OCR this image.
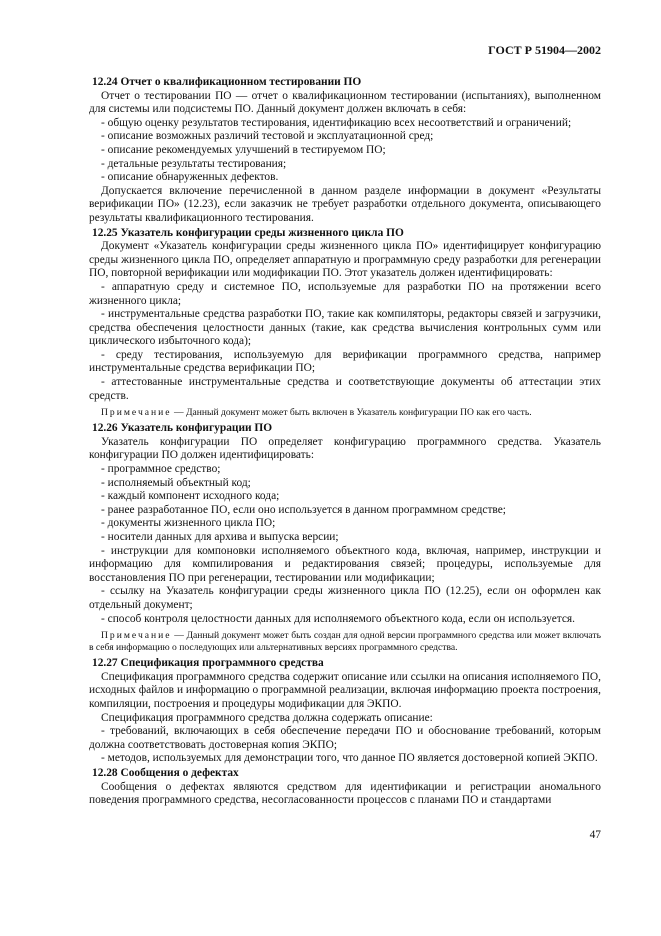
ГОСТ Р 51904—2002

12.24 Отчет о квалификационном тестировании ПО

Отчет о тестировании ПО — отчет о квалификационном тестировании (испытаниях), выполненном для системы или подсистемы ПО. Данный документ должен включать в себя:

- общую оценку результатов тестирования, идентификацию всех несоответствий и ограничений;

- описание возможных различий тестовой и эксплуатационной сред;

- описание рекомендуемых улучшений в тестируемом ПО;

- детальные результаты тестирования;

- описание обнаруженных дефектов.

Допускается включение перечисленной в данном разделе информации в документ «Результаты верификации ПО» (12.23), если заказчик не требует разработки отдельного документа, описывающего результаты квалификационного тестирования.

12.25 Указатель конфигурации среды жизненного цикла ПО

Документ «Указатель конфигурации среды жизненного цикла ПО» идентифицирует конфигурацию среды жизненного цикла ПО, определяет аппаратную и программную среду разработки для регенерации ПО, повторной верификации или модификации ПО. Этот указатель должен идентифицировать:

- аппаратную среду и системное ПО, используемые для разработки ПО на протяжении всего жизненного цикла;

- инструментальные средства разработки ПО, такие как компиляторы, редакторы связей и загрузчики, средства обеспечения целостности данных (такие, как средства вычисления контрольных сумм или циклического избыточного кода);

- среду тестирования, используемую для верификации программного средства, например инструментальные средства верификации ПО;

- аттестованные инструментальные средства и соответствующие документы об аттестации этих средств.

Примечание — Данный документ может быть включен в Указатель конфигурации ПО как его часть.

12.26 Указатель конфигурации ПО

Указатель конфигурации ПО определяет конфигурацию программного средства. Указатель конфигурации ПО должен идентифицировать:

- программное средство;

- исполняемый объектный код;

- каждый компонент исходного кода;

- ранее разработанное ПО, если оно используется в данном программном средстве;

- документы жизненного цикла ПО;

- носители данных для архива и выпуска версии;

- инструкции для компоновки исполняемого объектного кода, включая, например, инструкции и информацию для компилирования и редактирования связей; процедуры, используемые для восстановления ПО при регенерации, тестировании или модификации;

- ссылку на Указатель конфигурации среды жизненного цикла ПО (12.25), если он оформлен как отдельный документ;

- способ контроля целостности данных для исполняемого объектного кода, если он используется.

Примечание — Данный документ может быть создан для одной версии программного средства или может включать в себя информацию о последующих или альтернативных версиях программного средства.

12.27 Спецификация программного средства

Спецификация программного средства содержит описание или ссылки на описания исполняемого ПО, исходных файлов и информацию о программной реализации, включая информацию проекта построения, компиляции, построения и процедуры модификации для ЭКПО.

Спецификация программного средства должна содержать описание:

- требований, включающих в себя обеспечение передачи ПО и обоснование требований, которым должна соответствовать достоверная копия ЭКПО;

- методов, используемых для демонстрации того, что данное ПО является достоверной копией ЭКПО.

12.28 Сообщения о дефектах

Сообщения о дефектах являются средством для идентификации и регистрации аномального поведения программного средства, несогласованности процессов с планами ПО и стандартами

47
